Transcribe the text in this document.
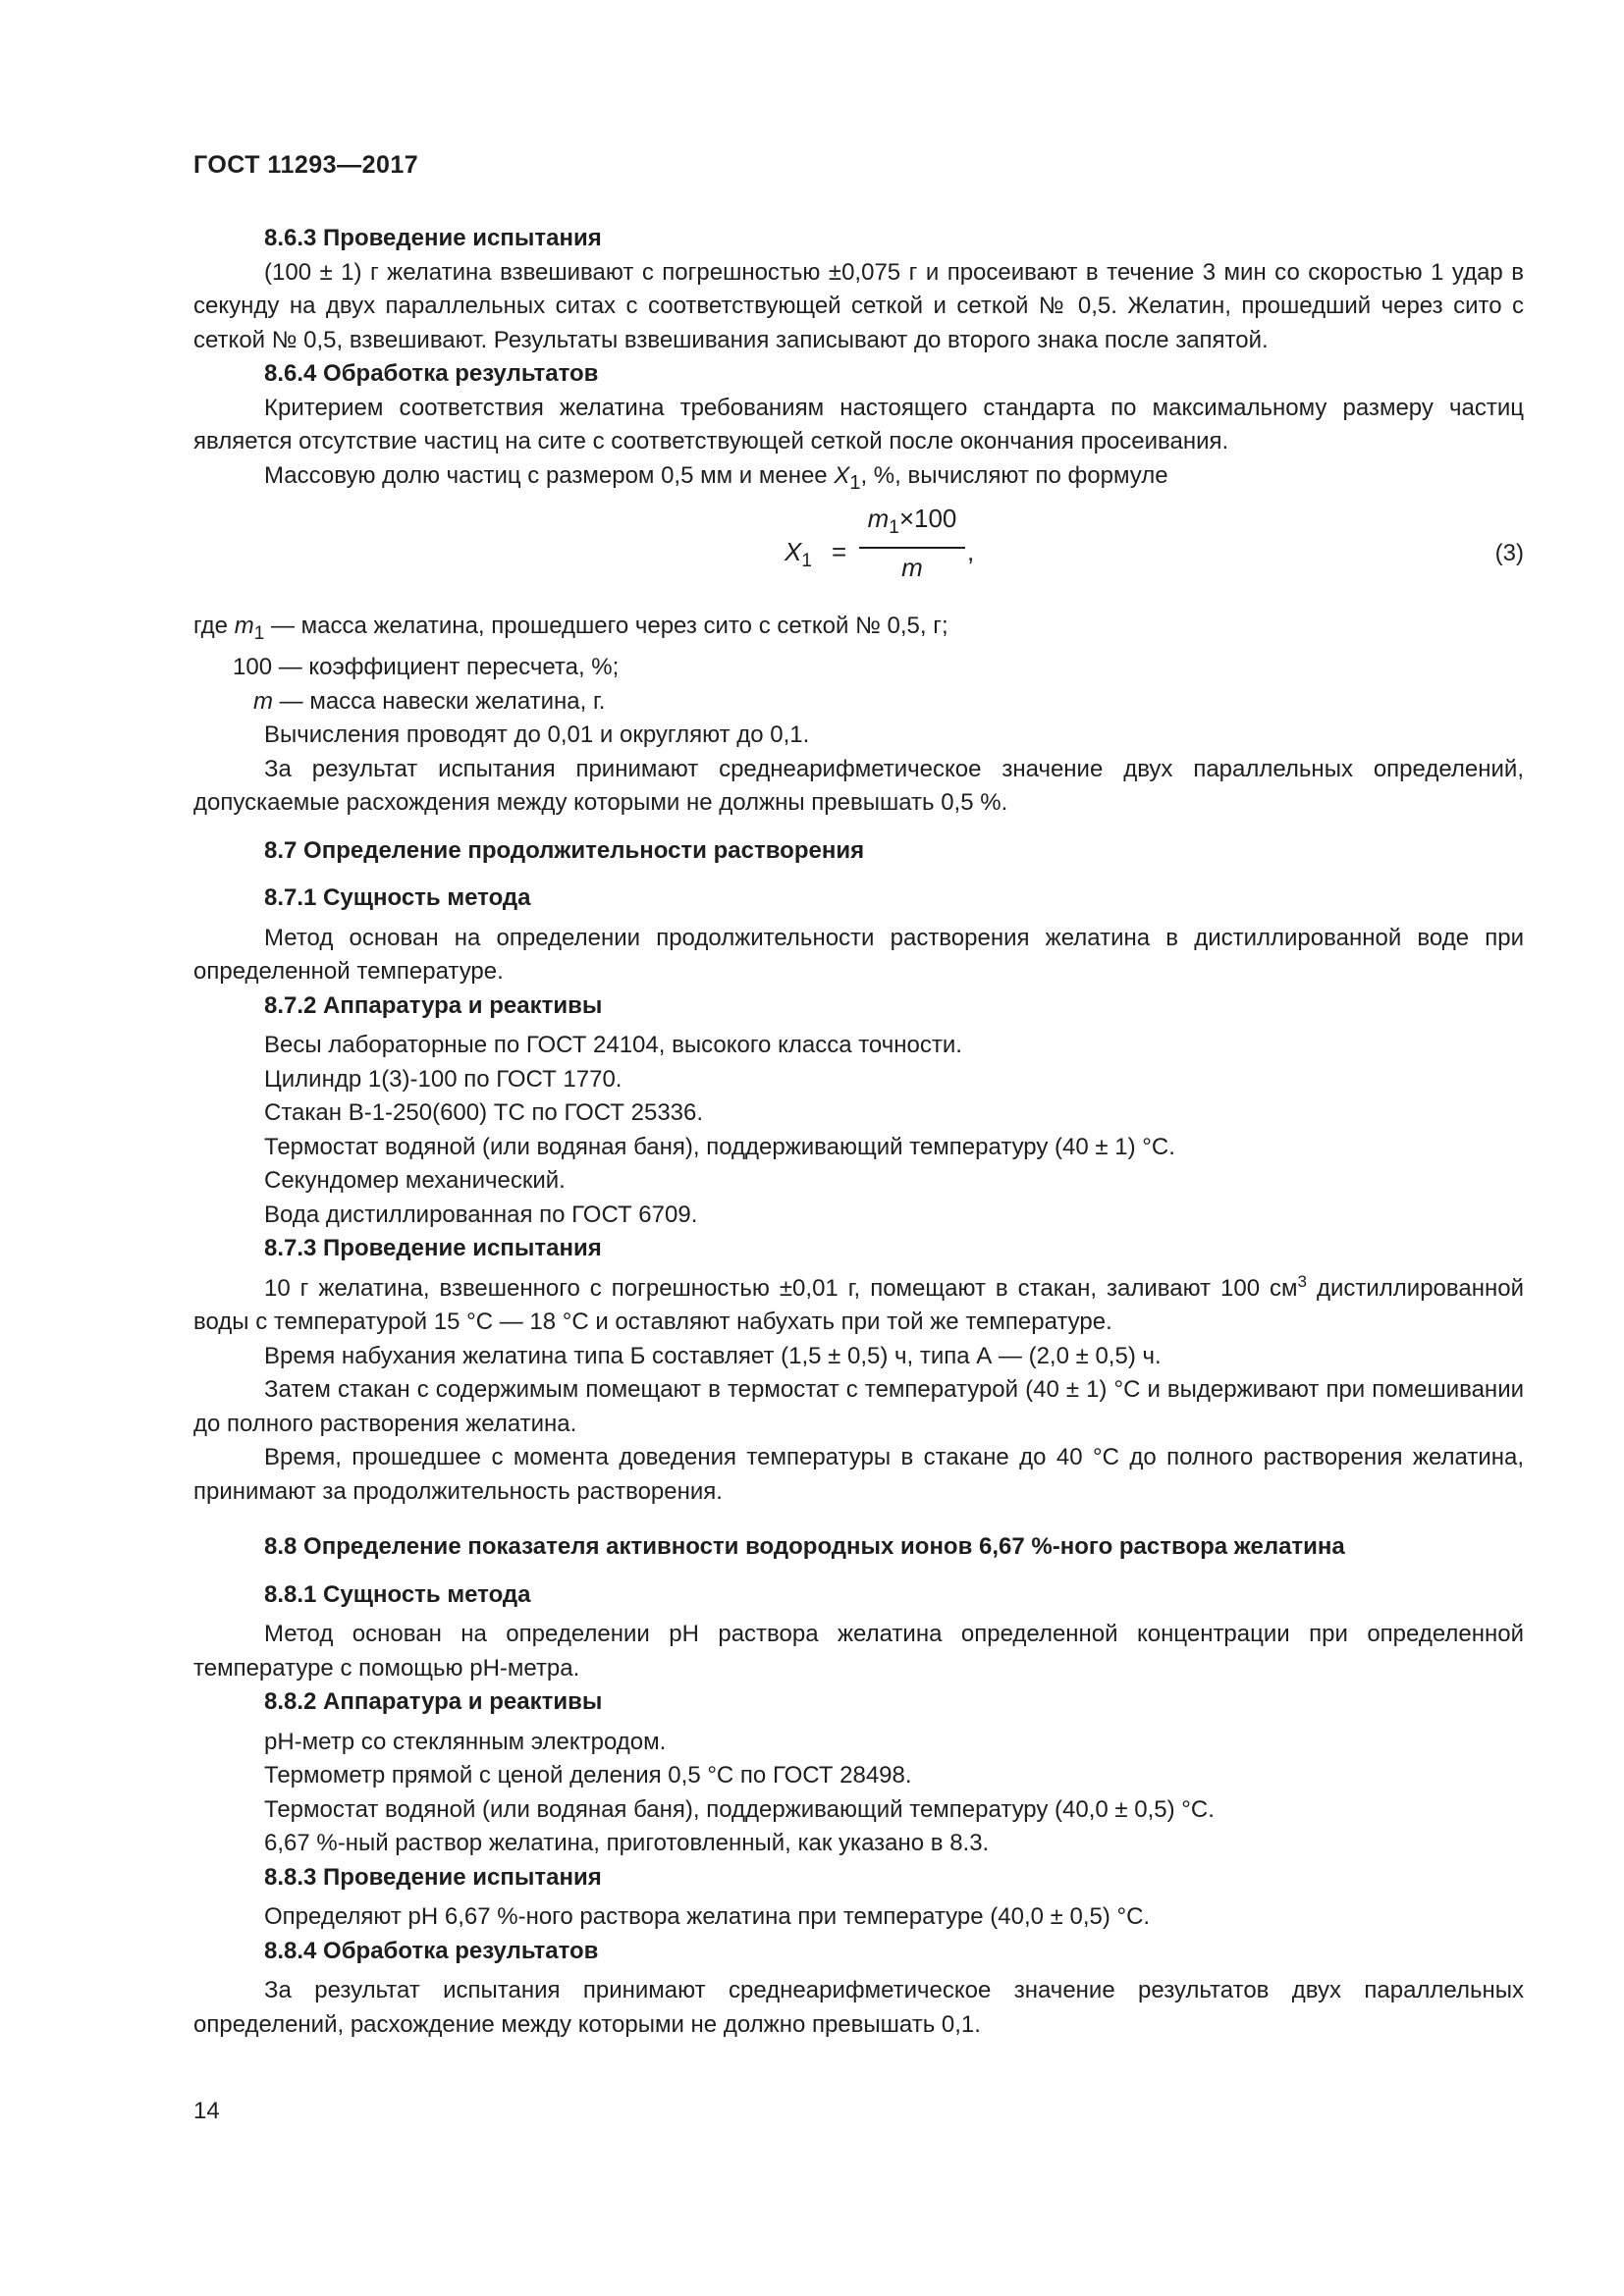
ГОСТ 11293—2017
8.6.3 Проведение испытания

(100 ± 1) г желатина взвешивают с погрешностью ±0,075 г и просеивают в течение 3 мин со скоростью 1 удар в секунду на двух параллельных ситах с соответствующей сеткой и сеткой № 0,5. Желатин, прошедший через сито с сеткой № 0,5, взвешивают. Результаты взвешивания записывают до второго знака после запятой.

8.6.4 Обработка результатов

Критерием соответствия желатина требованиям настоящего стандарта по максимальному размеру частиц является отсутствие частиц на сите с соответствующей сеткой после окончания просеивания.

Массовую долю частиц с размером 0,5 мм и менее $X_1$, %, вычисляют по формуле

$X_1$ =
$m_1\times 100$
m
,	(3)
где $m_1$ — масса желатина, прошедшего через сито с сеткой № 0,5, г;
100 — коэффициент пересчета, %;
m — масса навески желатина, г.

Вычисления проводят до 0,01 и округляют до 0,1.

За результат испытания принимают среднеарифметическое значение двух параллельных определений, допускаемые расхождения между которыми не должны превышать 0,5 %.

8.7 Определение продолжительности растворения
8.7.1 Сущность метода

Метод основан на определении продолжительности растворения желатина в дистиллированной воде при определенной температуре.

8.7.2 Аппаратура и реактивы
Весы лабораторные по ГОСТ 24104, высокого класса точности.
Цилиндр 1(3)-100 по ГОСТ 1770.
Стакан В-1-250(600) ТС по ГОСТ 25336.
Термостат водяной (или водяная баня), поддерживающий температуру (40 ± 1) °С.
Секундомер механический.
Вода дистиллированная по ГОСТ 6709.
8.7.3 Проведение испытания

10 г желатина, взвешенного с погрешностью ±0,01 г, помещают в стакан, заливают 100 $см^3$ дистиллированной воды с температурой 15 °С — 18 °С и оставляют набухать при той же температуре.

Время набухания желатина типа Б составляет (1,5 ± 0,5) ч, типа А — (2,0 ± 0,5) ч.

Затем стакан с содержимым помещают в термостат с температурой (40 ± 1) °С и выдерживают при помешивании до полного растворения желатина.

Время, прошедшее с момента доведения температуры в стакане до 40 °С до полного растворения желатина, принимают за продолжительность растворения.

8.8 Определение показателя активности водородных ионов 6,67 %-ного раствора желатина
8.8.1 Сущность метода

Метод основан на определении рН раствора желатина определенной концентрации при определенной температуре с помощью рН-метра.

8.8.2 Аппаратура и реактивы
рН-метр со стеклянным электродом.
Термометр прямой с ценой деления 0,5 °С по ГОСТ 28498.
Термостат водяной (или водяная баня), поддерживающий температуру (40,0 ± 0,5) °С.
6,67 %-ный раствор желатина, приготовленный, как указано в 8.3.
8.8.3 Проведение испытания

Определяют рН 6,67 %-ного раствора желатина при температуре (40,0 ± 0,5) °С.

8.8.4 Обработка результатов

За результат испытания принимают среднеарифметическое значение результатов двух параллельных определений, расхождение между которыми не должно превышать 0,1.

14
